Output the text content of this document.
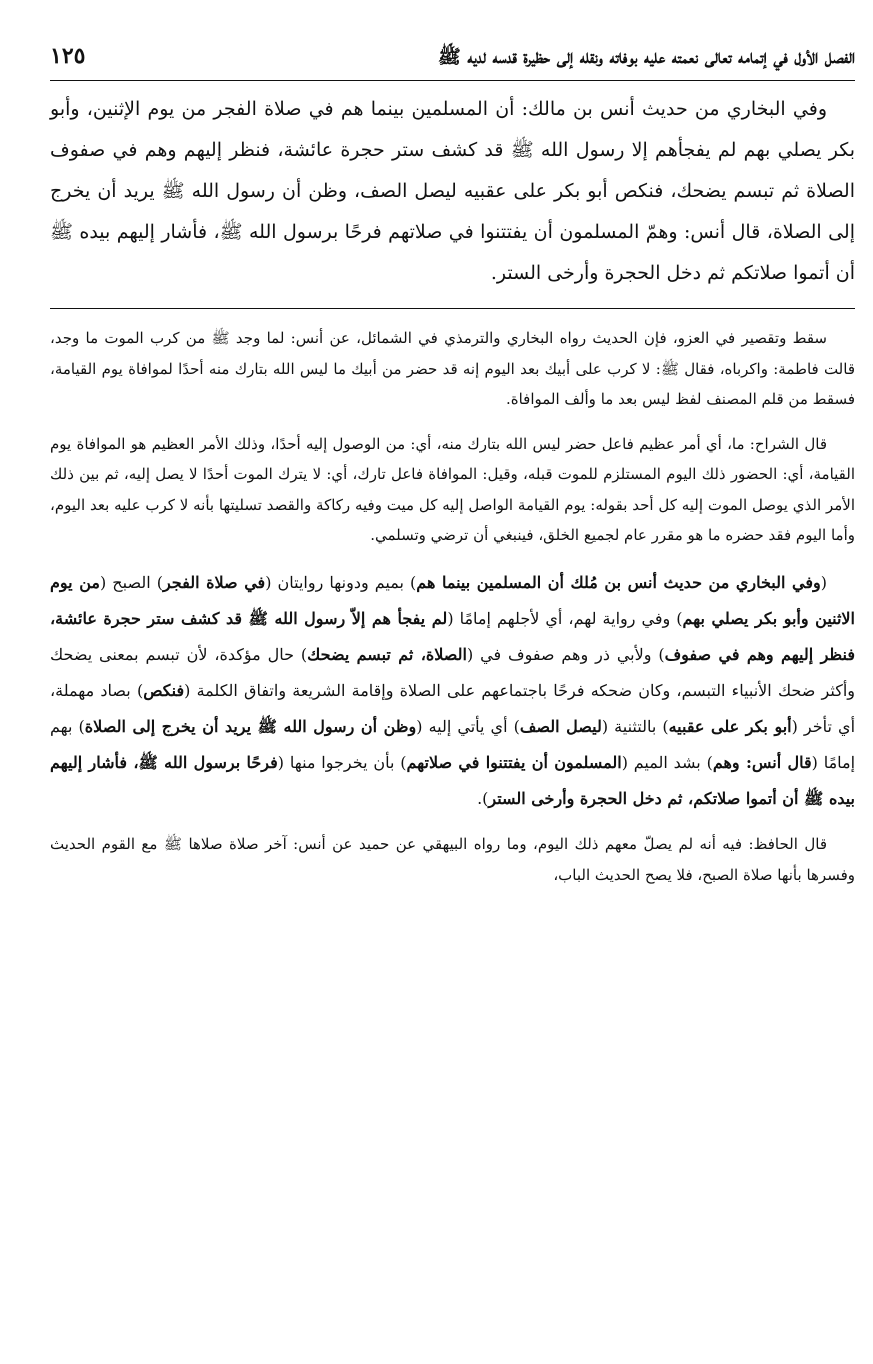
الفصل الأول في إتمامه تعالى نعمته عليه بوفاته ونقله إلى حظيرة قدسه لديه ﷺ
١٢٥

وفي البخاري من حديث أنس بن مالك: أن المسلمين بينما هم في صلاة الفجر من يوم الإثنين، وأبو بكر يصلي بهم لم يفجأهم إلا رسول الله ﷺ قد كشف ستر حجرة عائشة، فنظر إليهم وهم في صفوف الصلاة ثم تبسم يضحك، فنكص أبو بكر على عقبيه ليصل الصف، وظن أن رسول الله ﷺ يريد أن يخرج إلى الصلاة، قال أنس: وهمّ المسلمون أن يفتتنوا في صلاتهم فرحًا برسول الله ﷺ، فأشار إليهم بيده ﷺ أن أتموا صلاتكم ثم دخل الحجرة وأرخى الستر.

سقط وتقصير في العزو، فإن الحديث رواه البخاري والترمذي في الشمائل، عن أنس: لما وجد ﷺ من كرب الموت ما وجد، قالت فاطمة: واكرباه، فقال ﷺ: لا كرب على أبيك بعد اليوم إنه قد حضر من أبيك ما ليس الله بتارك منه أحدًا لموافاة يوم القيامة، فسقط من قلم المصنف لفظ ليس بعد ما وألف الموافاة.

قال الشراح: ما، أي أمر عظيم فاعل حضر ليس الله بتارك منه، أي: من الوصول إليه أحدًا، وذلك الأمر العظيم هو الموافاة يوم القيامة، أي: الحضور ذلك اليوم المستلزم للموت قبله، وقيل: الموافاة فاعل تارك، أي: لا يترك الموت أحدًا لا يصل إليه، ثم بين ذلك الأمر الذي يوصل الموت إليه كل أحد بقوله: يوم القيامة الواصل إليه كل ميت وفيه ركاكة والقصد تسليتها بأنه لا كرب عليه بعد اليوم، وأما اليوم فقد حضره ما هو مقرر عام لجميع الخلق، فينبغي أن ترضي وتسلمي.

(وفي البخاري من حديث أنس بن مُلك أن المسلمين بينما هم) بميم ودونها روايتان (في صلاة الفجر) الصبح (من يوم الاثنين وأبو بكر يصلي بهم) وفي رواية لهم، أي لأجلهم إمامًا (لم يفجأ هم إلاّ رسول الله ﷺ قد كشف ستر حجرة عائشة، فنظر إليهم وهم في صفوف) ولأبي ذر وهم صفوف في (الصلاة، ثم تبسم يضحك) حال مؤكدة، لأن تبسم بمعنى يضحك وأكثر ضحك الأنبياء التبسم، وكان ضحكه فرحًا باجتماعهم على الصلاة وإقامة الشريعة واتفاق الكلمة (فنكص) بصاد مهملة، أي تأخر (أبو بكر على عقبيه) بالتثنية (ليصل الصف) أي يأتي إليه (وظن أن رسول الله ﷺ يريد أن يخرج إلى الصلاة) بهم إمامًا (قال أنس: وهم) بشد الميم (المسلمون أن يفتتنوا في صلاتهم) بأن يخرجوا منها (فرحًا برسول الله ﷺ، فأشار إليهم بيده ﷺ أن أتموا صلاتكم، ثم دخل الحجرة وأرخى الستر).

قال الحافظ: فيه أنه لم يصلّ معهم ذلك اليوم، وما رواه البيهقي عن حميد عن أنس: آخر صلاة صلاها ﷺ مع القوم الحديث وفسرها بأنها صلاة الصبح، فلا يصح الحديث الباب،
